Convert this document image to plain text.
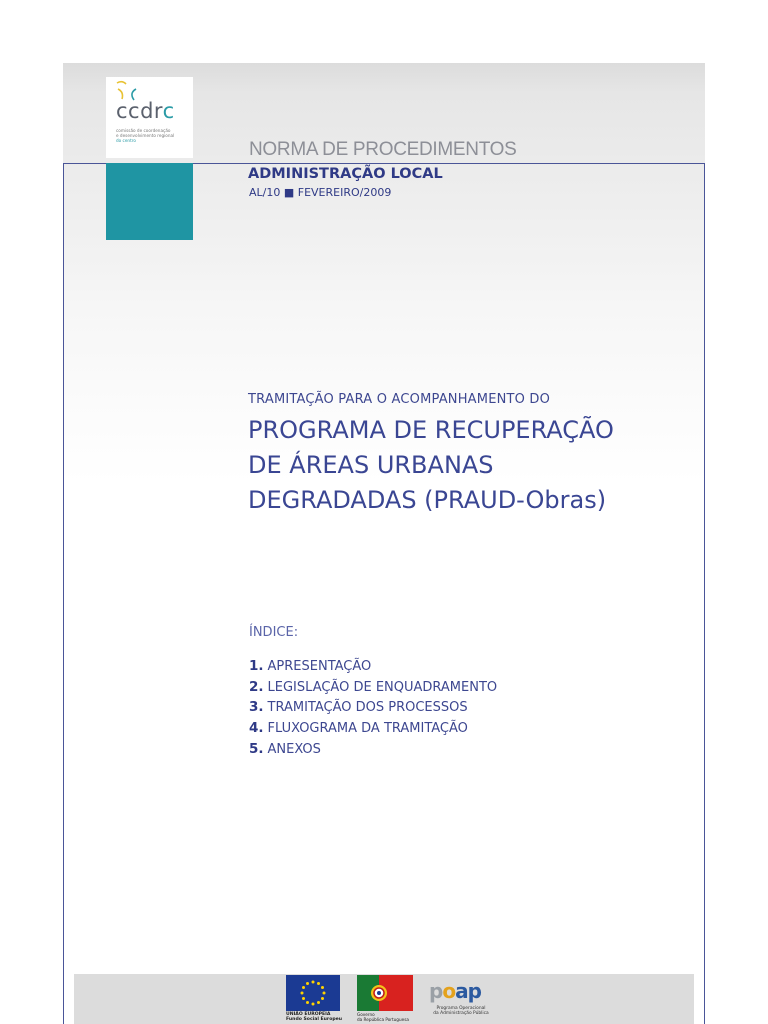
ccdrc
comissão de coordenação
e desenvolvimento regional
do centro	NORMA DE PROCEDIMENTOS
ADMINISTRAÇÃO LOCAL
AL/10 ■ FEVEREIRO/2009
TRAMITAÇÃO PARA O ACOMPANHAMENTO DO
PROGRAMA DE RECUPERAÇÃO
DE ÁREAS URBANAS
DEGRADADAS (PRAUD-Obras)
ÍNDICE:
1. APRESENTAÇÃO
2. LEGISLAÇÃO DE ENQUADRAMENTO
3. TRAMITAÇÃO DOS PROCESSOS
4. FLUXOGRAMA DA TRAMITAÇÃO
5. ANEXOS
UNIÃO EUROPEIA
Fundo Social Europeu
Governo
da República Portuguesa
poap
Programa Operacional
da Administração Pública
